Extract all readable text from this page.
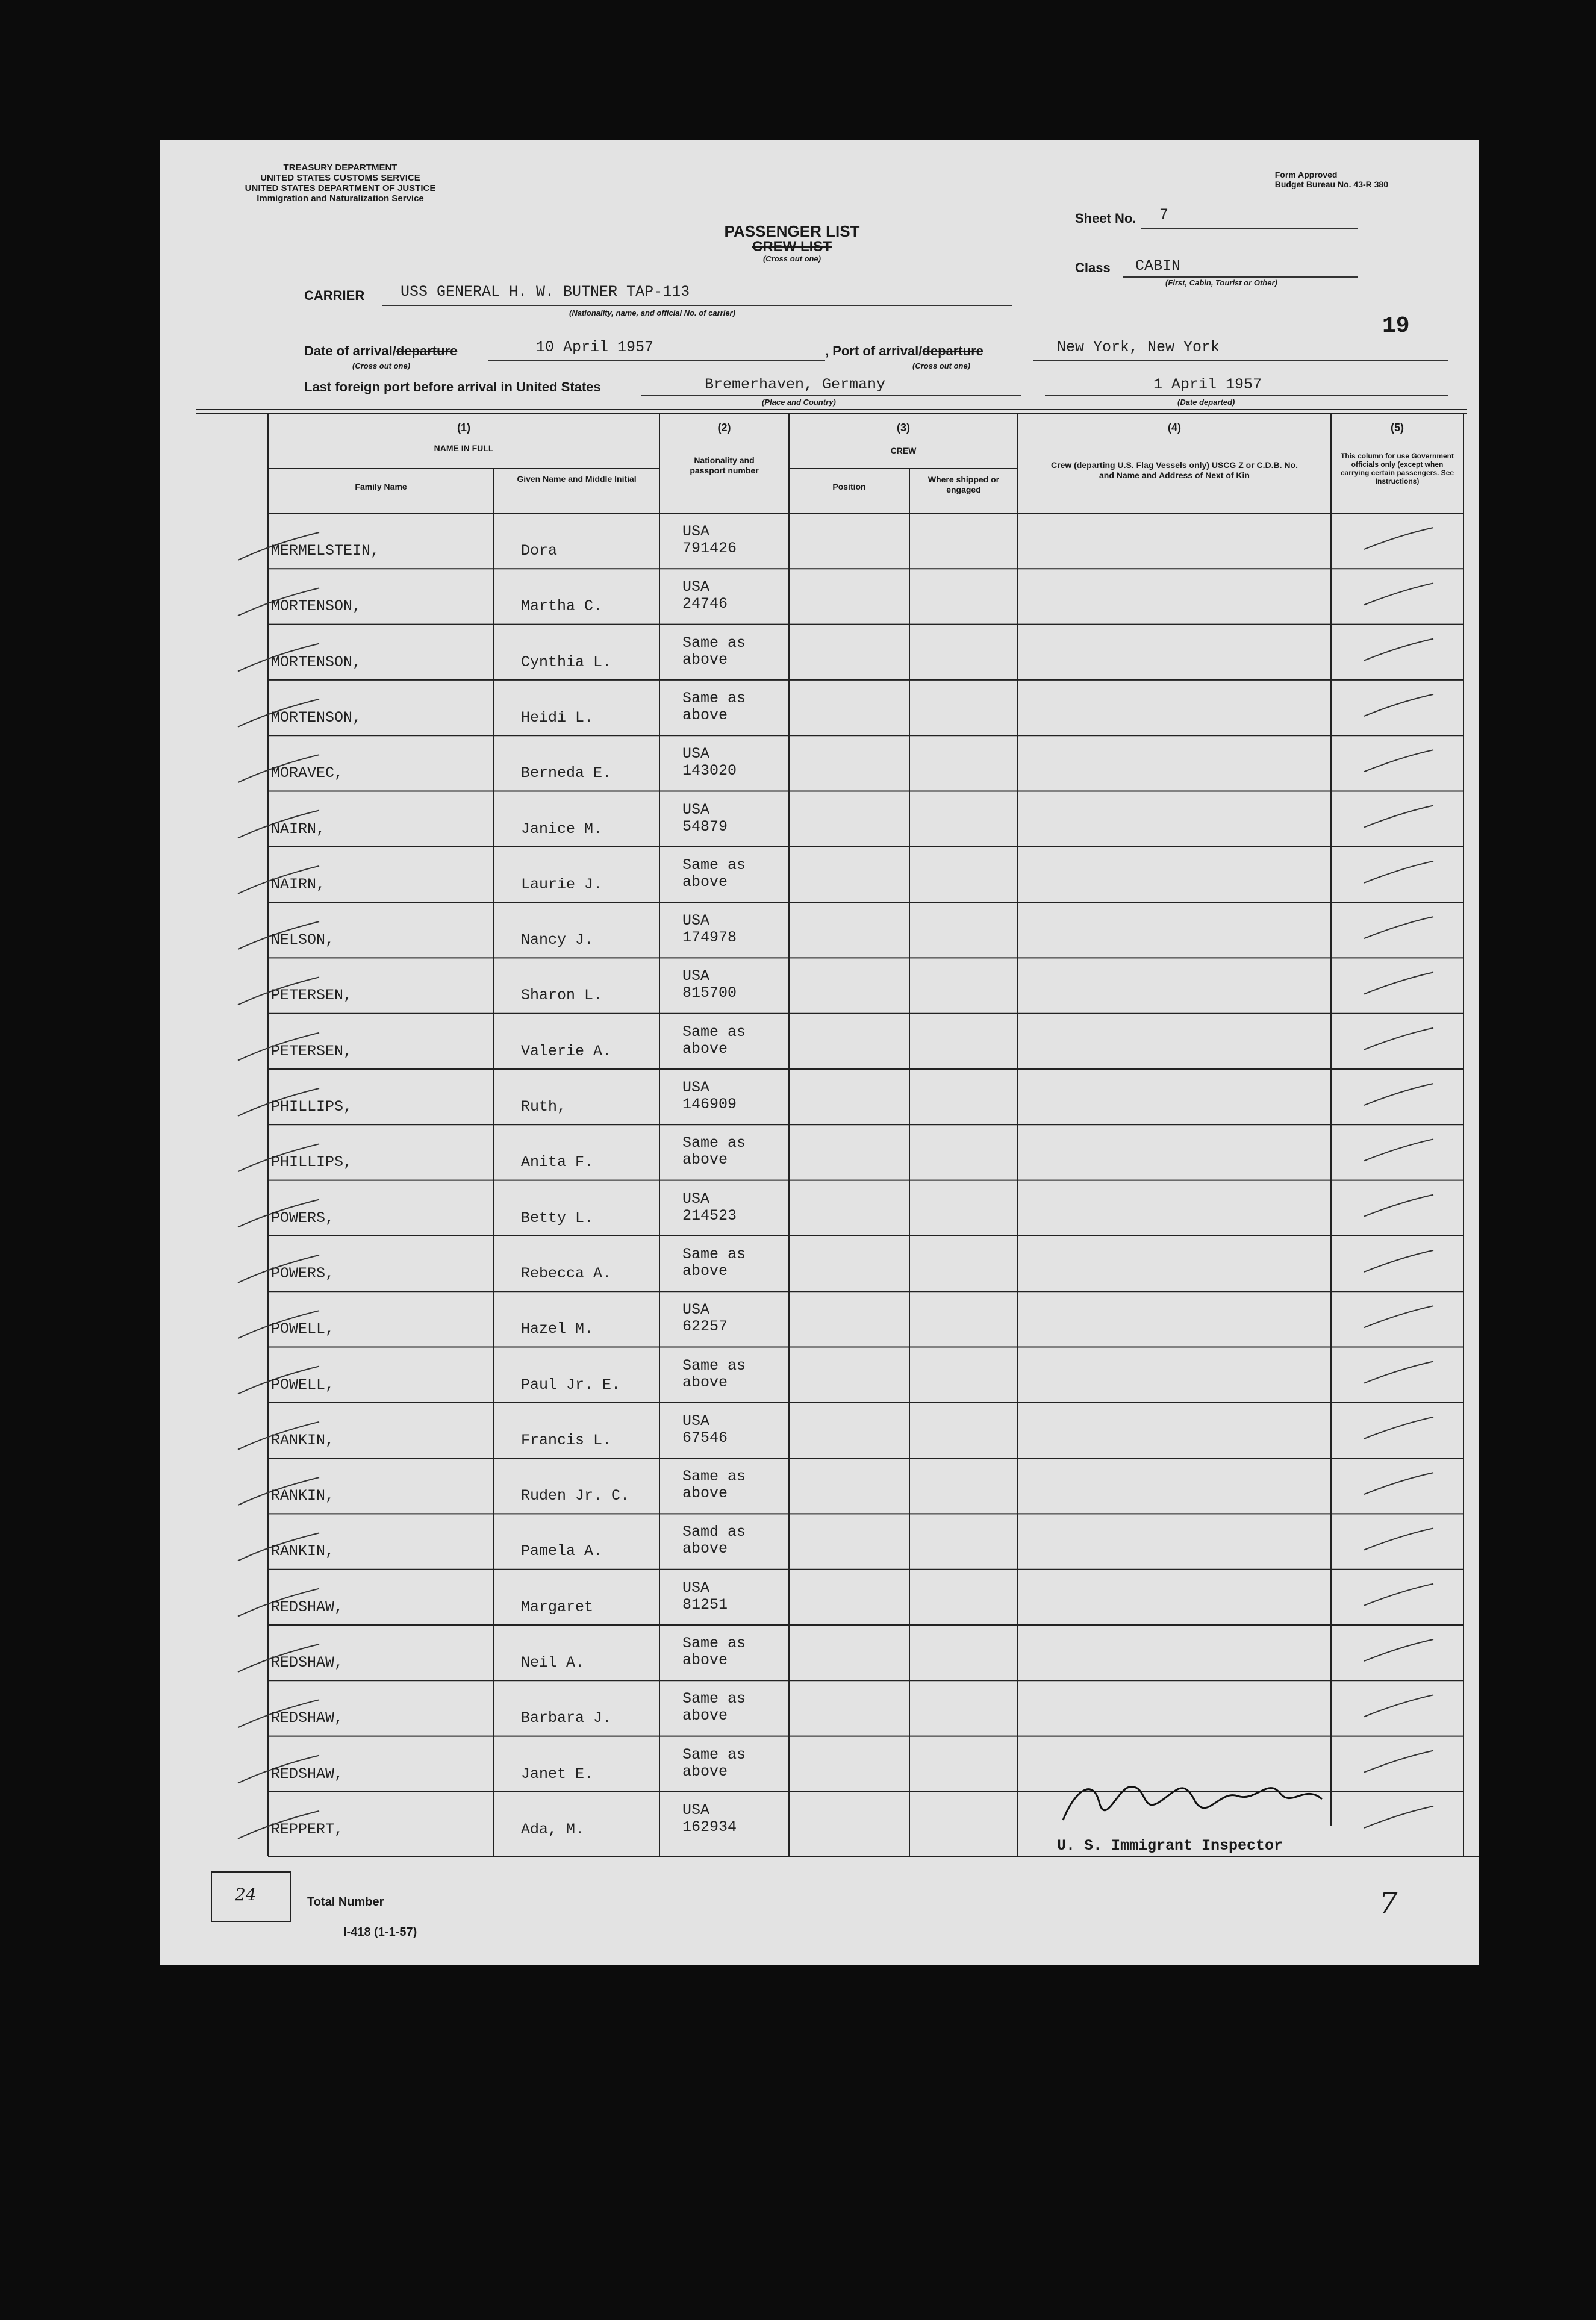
TREASURY DEPARTMENT
UNITED STATES CUSTOMS SERVICE
UNITED STATES DEPARTMENT OF JUSTICE
Immigration and Naturalization Service
Form Approved
Budget Bureau No. 43-R 380
PASSENGER LIST
CREW LIST
(Cross out one)
Sheet No.	7
Class	CABIN
(First, Cabin, Tourist or Other)
CARRIER	USS GENERAL H. W. BUTNER TAP-113
(Nationality, name, and official No. of carrier)
19
Date of arrival/departure
(Cross out one)
10 April 1957	, Port of arrival/departure
(Cross out one)
New York, New York
Last foreign port before arrival in United States	Bremerhaven, Germany
(Place and Country)
1 April 1957
(Date departed)
(1)
NAME IN FULL
Family Name
Given Name and Middle Initial
(2)
Nationality and passport number
(3)
CREW
Position
Where shipped or engaged
(4)
Crew (departing U.S. Flag Vessels only) USCG Z or C.D.B. No. and Name and Address of Next of Kin
(5)
This column for use Government officials only (except when carrying certain passengers. See Instructions)
MERMELSTEIN,	Dora
USA
791426
MORTENSON,	Martha C.
USA
24746
MORTENSON,	Cynthia L.
Same as
above
MORTENSON,	Heidi L.
Same as
above
MORAVEC,	Berneda E.
USA
143020
NAIRN,	Janice M.
USA
54879
NAIRN,	Laurie J.
Same as
above
NELSON,	Nancy J.
USA
174978
PETERSEN,	Sharon L.
USA
815700
PETERSEN,	Valerie A.
Same as
above
PHILLIPS,	Ruth,
USA
146909
PHILLIPS,	Anita F.
Same as
above
POWERS,	Betty L.
USA
214523
POWERS,	Rebecca A.
Same as
above
POWELL,	Hazel M.
USA
62257
POWELL,	Paul Jr. E.
Same as
above
RANKIN,	Francis L.
USA
67546
RANKIN,	Ruden Jr. C.
Same as
above
RANKIN,	Pamela A.
Samd as
above
REDSHAW,	Margaret
USA
81251
REDSHAW,	Neil A.
Same as
above
REDSHAW,	Barbara J.
Same as
above
REDSHAW,	Janet E.
Same as
above
REPPERT,	Ada, M.
USA
162934
U. S. Immigrant Inspector
24	Total Number
I-418 (1-1-57)
7
